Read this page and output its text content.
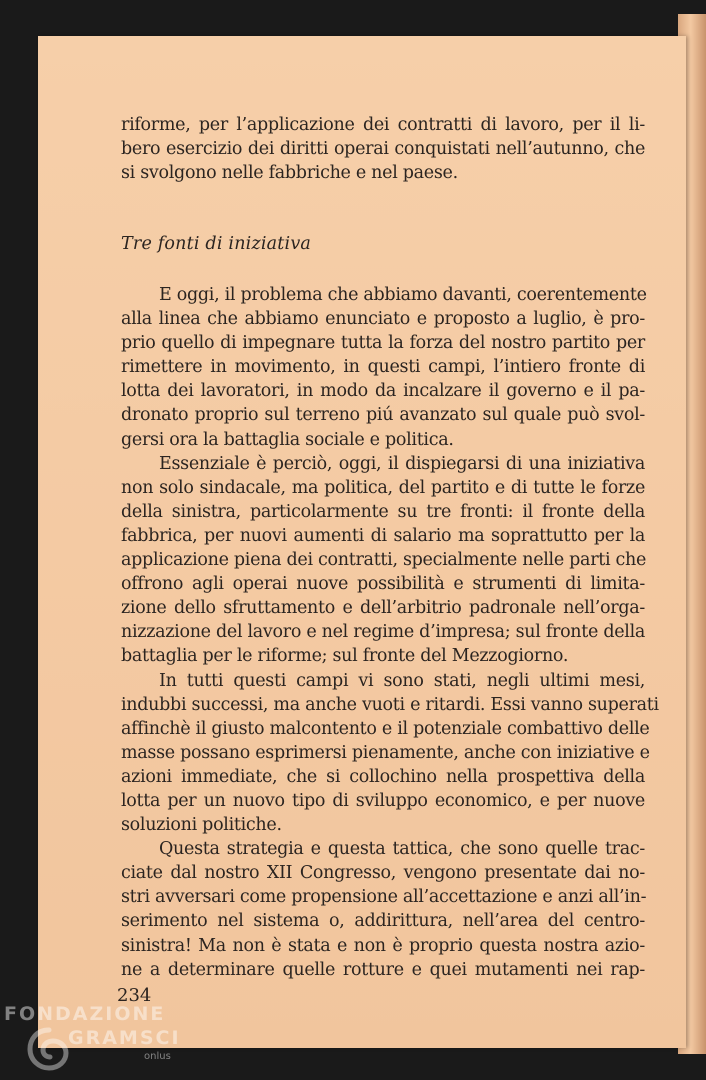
riforme, per l’applicazione dei contratti di lavoro, per il li-
bero esercizio dei diritti operai conquistati nell’autunno, che
si svolgono nelle fabbriche e nel paese.
Tre fonti di iniziativa
E oggi, il problema che abbiamo davanti, coerentemente
alla linea che abbiamo enunciato e proposto a luglio, è pro-
prio quello di impegnare tutta la forza del nostro partito per
rimettere in movimento, in questi campi, l’intiero fronte di
lotta dei lavoratori, in modo da incalzare il governo e il pa-
dronato proprio sul terreno piú avanzato sul quale può svol-
gersi ora la battaglia sociale e politica.
Essenziale è perciò, oggi, il dispiegarsi di una iniziativa
non solo sindacale, ma politica, del partito e di tutte le forze
della sinistra, particolarmente su tre fronti: il fronte della
fabbrica, per nuovi aumenti di salario ma soprattutto per la
applicazione piena dei contratti, specialmente nelle parti che
offrono agli operai nuove possibilità e strumenti di limita-
zione dello sfruttamento e dell’arbitrio padronale nell’orga-
nizzazione del lavoro e nel regime d’impresa; sul fronte della
battaglia per le riforme; sul fronte del Mezzogiorno.
In tutti questi campi vi sono stati, negli ultimi mesi,
indubbi successi, ma anche vuoti e ritardi. Essi vanno superati
affinchè il giusto malcontento e il potenziale combattivo delle
masse possano esprimersi pienamente, anche con iniziative e
azioni immediate, che si collochino nella prospettiva della
lotta per un nuovo tipo di sviluppo economico, e per nuove
soluzioni politiche.
Questa strategia e questa tattica, che sono quelle trac-
ciate dal nostro XII Congresso, vengono presentate dai no-
stri avversari come propensione all’accettazione e anzi all’in-
serimento nel sistema o, addirittura, nell’area del centro-
sinistra! Ma non è stata e non è proprio questa nostra azio-
ne a determinare quelle rotture e quei mutamenti nei rap-
234
FONDAZIONE
GRAMSCI
onlus
